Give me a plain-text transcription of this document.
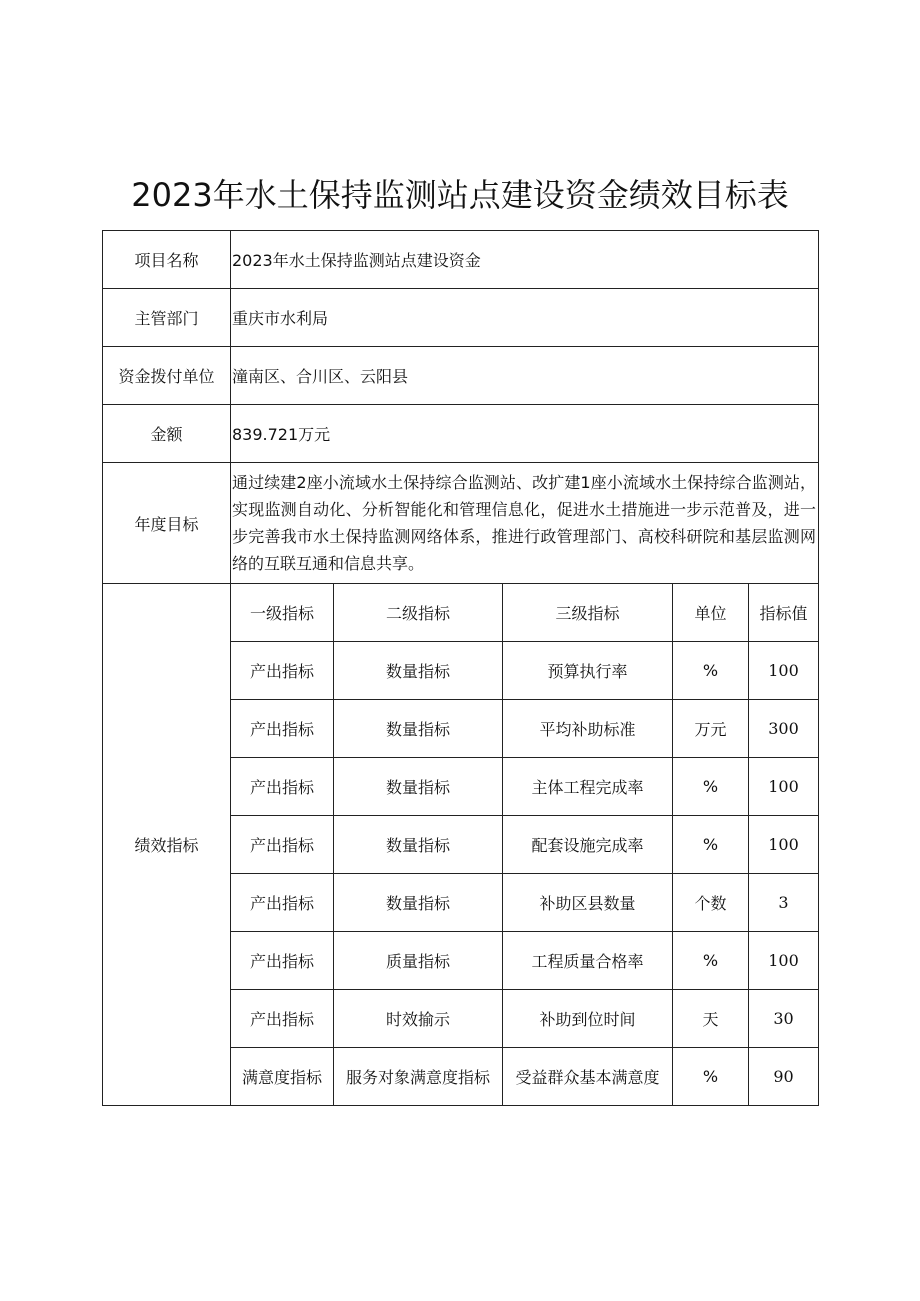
2023年水土保持监测站点建设资金绩效目标表
项目名称	2023年水土保持监测站点建设资金				
主管部门	重庆市水利局				
资金拨付单位	潼南区、合川区、云阳县				
金额	839.721万元				
年度目标	通过续建2座小流域水土保持综合监测站、改扩建1座小流域水土保持综合监测站，实现监测自动化、分析智能化和管理信息化，促进水土措施进一步示范普及，进一步完善我市水土保持监测网络体系，推进行政管理部门、高校科研院和基层监测网络的互联互通和信息共享。				
绩效指标	一级指标	二级指标	三级指标	单位	指标值
	产出指标	数量指标	预算执行率	%	100
	产出指标	数量指标	平均补助标准	万元	300
	产出指标	数量指标	主体工程完成率	%	100
	产出指标	数量指标	配套设施完成率	%	100
	产出指标	数量指标	补助区县数量	个数	3
	产出指标	质量指标	工程质量合格率	%	100
	产出指标	时效揄示	补助到位时间	天	30
	满意度指标	服务对象满意度指标	受益群众基本满意度	%	90
